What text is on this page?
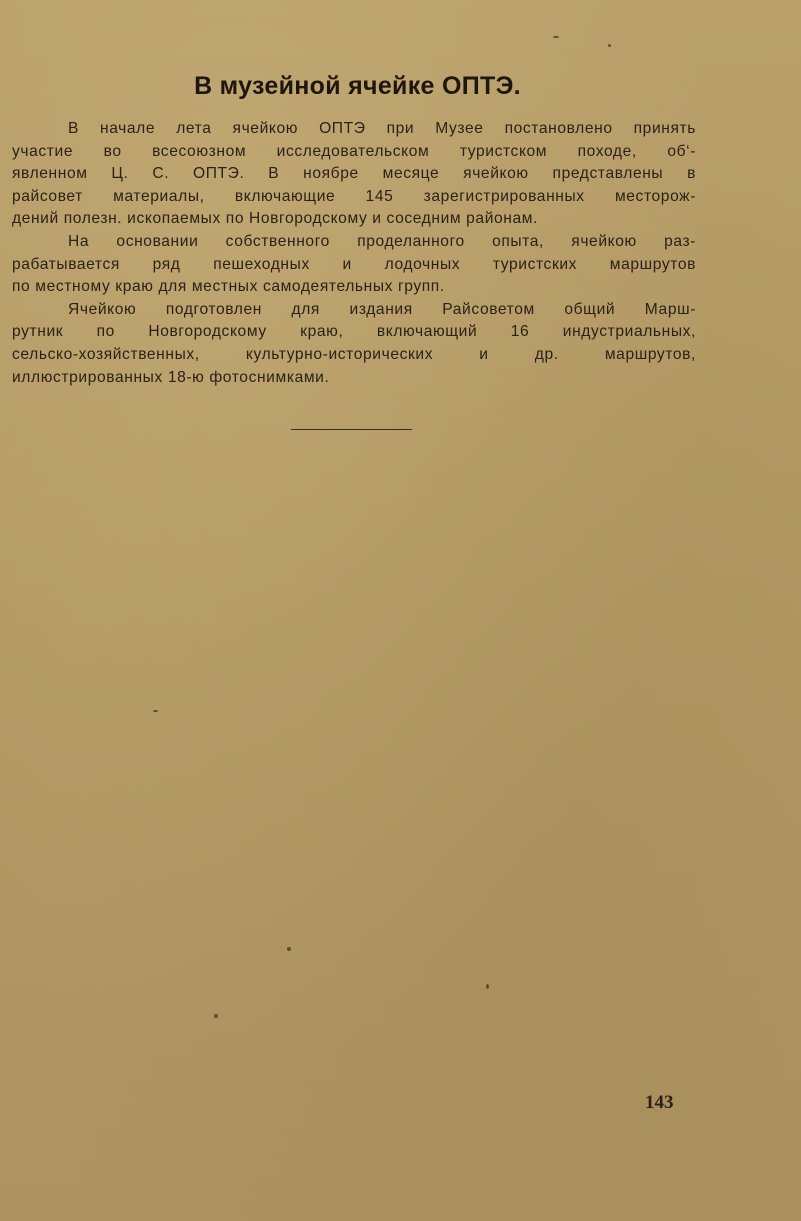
В музейной ячейке ОПТЭ.
В начале лета ячейкою ОПТЭ при Музее постановлено принять
участие во всесоюзном исследовательском туристском походе, об‘-
явленном Ц. С. ОПТЭ. В ноябре месяце ячейкою представлены в
райсовет материалы, включающие 145 зарегистрированных месторож-
дений полезн. ископаемых по Новгородскому и соседним районам.
На основании собственного проделанного опыта, ячейкою раз-
рабатывается ряд пешеходных и лодочных туристских маршрутов
по местному краю для местных самодеятельных групп.
Ячейкою подготовлен для издания Райсоветом общий Марш-
рутник по Новгородскому краю, включающий 16 индустриальных,
сельско-хозяйственных, культурно-исторических и др. маршрутов,
иллюстрированных 18-ю фотоснимками.
143
